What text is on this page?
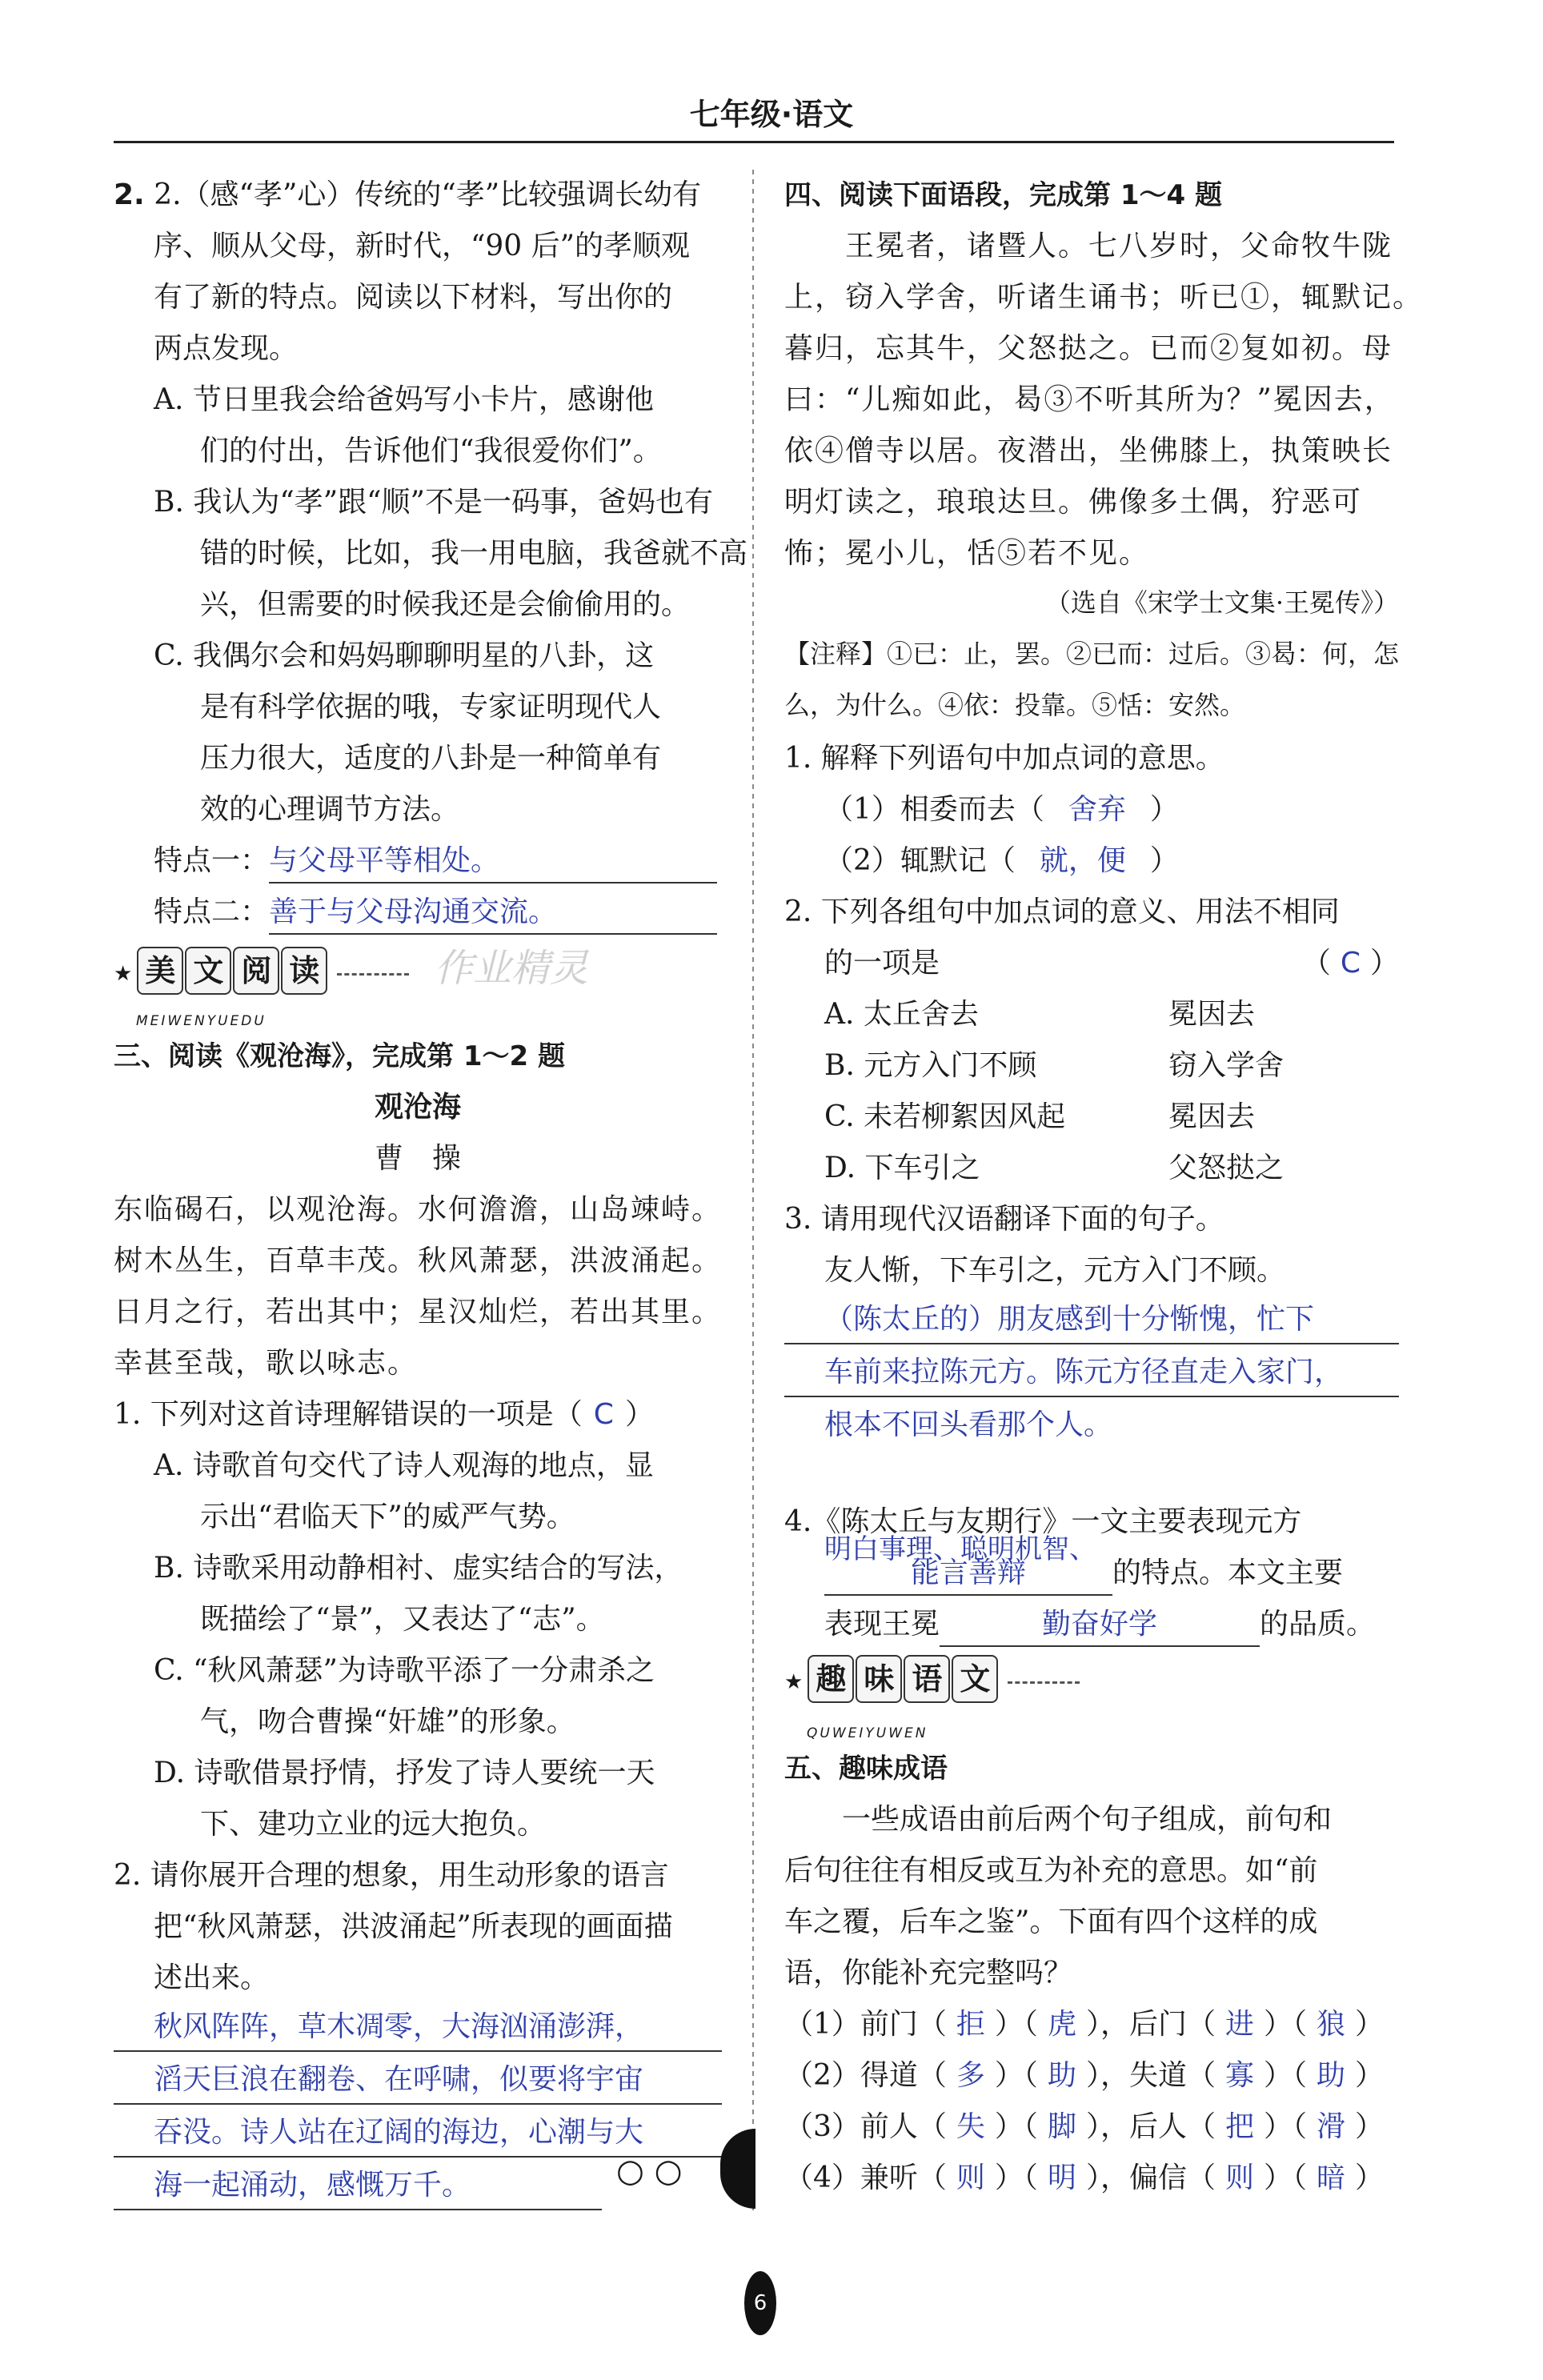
七年级·语文
2. 2.（感“孝”心）传统的“孝”比较强调长幼有
序、顺从父母，新时代，“90 后”的孝顺观
有了新的特点。阅读以下材料，写出你的
两点发现。
A. 节日里我会给爸妈写小卡片，感谢他
们的付出，告诉他们“我很爱你们”。
B. 我认为“孝”跟“顺”不是一码事，爸妈也有
错的时候，比如，我一用电脑，我爸就不高
兴，但需要的时候我还是会偷偷用的。
C. 我偶尔会和妈妈聊聊明星的八卦，这
是有科学依据的哦，专家证明现代人
压力很大，适度的八卦是一种简单有
效的心理调节方法。
特点一：与父母平等相处。
特点二：善于与父母沟通交流。
★ 美 文 阅 读	作业精灵
MEIWENYUEDU
三、阅读《观沧海》，完成第 1～2 题
观沧海
曹　操
东临碣石，以观沧海。水何澹澹，山岛竦峙。
树木丛生，百草丰茂。秋风萧瑟，洪波涌起。
日月之行，若出其中；星汉灿烂，若出其里。
幸甚至哉，歌以咏志。
1. 下列对这首诗理解错误的一项是（ C ）
A. 诗歌首句交代了诗人观海的地点，显
示出“君临天下”的威严气势。
B. 诗歌采用动静相衬、虚实结合的写法，
既描绘了“景”，又表达了“志”。
C. “秋风萧瑟”为诗歌平添了一分肃杀之
气，吻合曹操“奸雄”的形象。
D. 诗歌借景抒情，抒发了诗人要统一天
下、建功立业的远大抱负。
2. 请你展开合理的想象，用生动形象的语言
把“秋风萧瑟，洪波涌起”所表现的画面描
述出来。
秋风阵阵，草木凋零，大海汹涌澎湃，
滔天巨浪在翻卷、在呼啸，似要将宇宙
吞没。诗人站在辽阔的海边，心潮与大
海一起涌动，感慨万千。
四、阅读下面语段，完成第 1～4 题
　　王冕者，诸暨人。七八岁时，父命牧牛陇
上，窃入学舍，听诸生诵书；听已①，辄默记。
暮归，忘其牛，父怒挞之。已而②复如初。母
曰：“儿痴如此，曷③不听其所为？”冕因去，
依④僧寺以居。夜潜出，坐佛膝上，执策映长
明灯读之，琅琅达旦。佛像多土偶，狞恶可
怖；冕小儿，恬⑤若不见。
（选自《宋学士文集·王冕传》）
【注释】①已：止，罢。②已而：过后。③曷：何，怎
么，为什么。④依：投靠。⑤恬：安然。
1. 解释下列语句中加点词的意思。
（1）相委而去（ 舍弃 ）
（2）辄默记（ 就，便 ）
2. 下列各组句中加点词的意义、用法不相同
的一项是	（ C ）
A. 太丘舍去	冕因去
B. 元方入门不顾	窃入学舍
C. 未若柳絮因风起	冕因去
D. 下车引之	父怒挞之
3. 请用现代汉语翻译下面的句子。
友人惭，下车引之，元方入门不顾。
（陈太丘的）朋友感到十分惭愧，忙下
车前来拉陈元方。陈元方径直走入家门，
根本不回头看那个人。
4.《陈太丘与友期行》一文主要表现元方
明白事理、聪明机智、
能言善辩	的特点。本文主要
表现王冕	勤奋好学	的品质。
★ 趣 味 语 文
QUWEIYUWEN
五、趣味成语
　　一些成语由前后两个句子组成，前句和
后句往往有相反或互为补充的意思。如“前
车之覆，后车之鉴”。下面有四个这样的成
语，你能补充完整吗？
（1）前门（ 拒 ）（ 虎 ），后门（ 进 ）（ 狼 ）
（2）得道（ 多 ）（ 助 ），失道（ 寡 ）（ 助 ）
（3）前人（ 失 ）（ 脚 ），后人（ 把 ）（ 滑 ）
（4）兼听（ 则 ）（ 明 ），偏信（ 则 ）（ 暗 ）
○ ○
6
